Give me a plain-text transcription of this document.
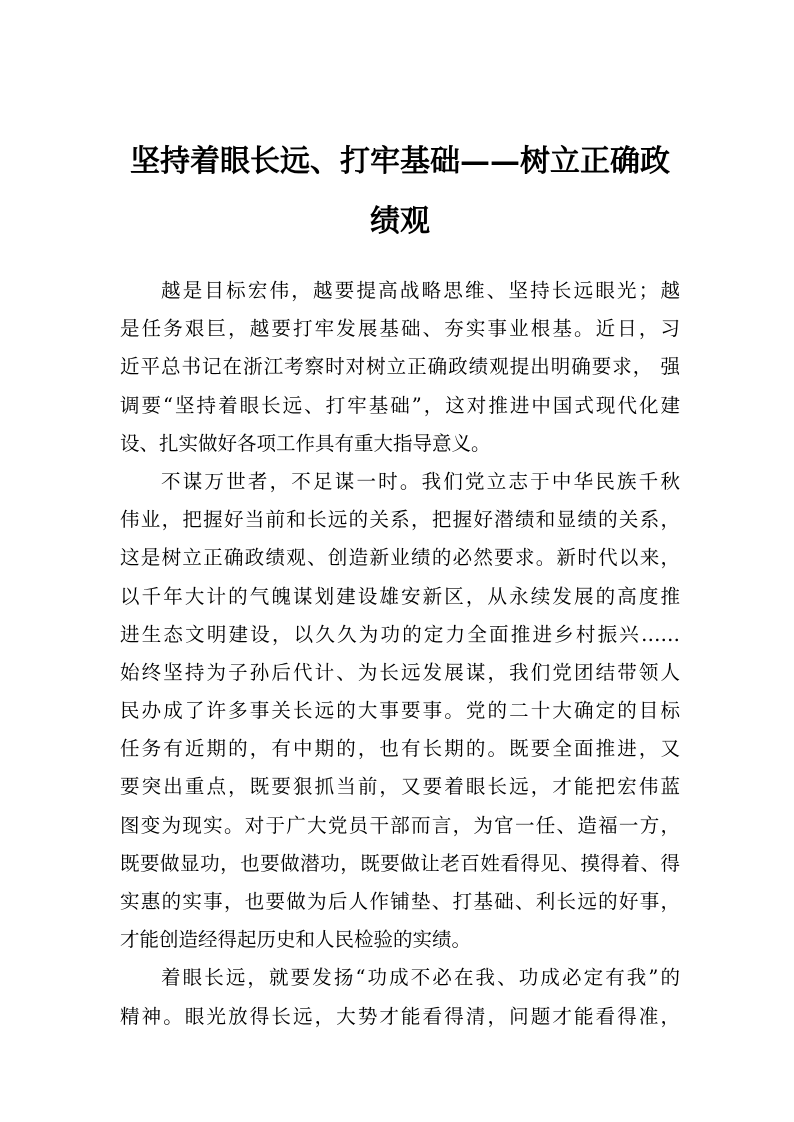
坚持着眼长远、打牢基础——树立正确政
绩观

越是目标宏伟，越要提高战略思维、坚持长远眼光；越
是任务艰巨，越要打牢发展基础、夯实事业根基。近日，习
近平总书记在浙江考察时对树立正确政绩观提出明确要求， 强
调要“坚持着眼长远、打牢基础”，这对推进中国式现代化建
设、扎实做好各项工作具有重大指导意义。

不谋万世者，不足谋一时。我们党立志于中华民族千秋
伟业，把握好当前和长远的关系，把握好潜绩和显绩的关系，
这是树立正确政绩观、创造新业绩的必然要求。新时代以来，
以千年大计的气魄谋划建设雄安新区，从永续发展的高度推
进生态文明建设，以久久为功的定力全面推进乡村振兴……
始终坚持为子孙后代计、为长远发展谋，我们党团结带领人
民办成了许多事关长远的大事要事。党的二十大确定的目标
任务有近期的，有中期的，也有长期的。既要全面推进，又
要突出重点，既要狠抓当前，又要着眼长远，才能把宏伟蓝
图变为现实。对于广大党员干部而言，为官一任、造福一方，
既要做显功，也要做潜功，既要做让老百姓看得见、摸得着、得
实惠的实事，也要做为后人作铺垫、打基础、利长远的好事，
才能创造经得起历史和人民检验的实绩。

着眼长远，就要发扬“功成不必在我、功成必定有我”的
精神。眼光放得长远，大势才能看得清，问题才能看得准，
